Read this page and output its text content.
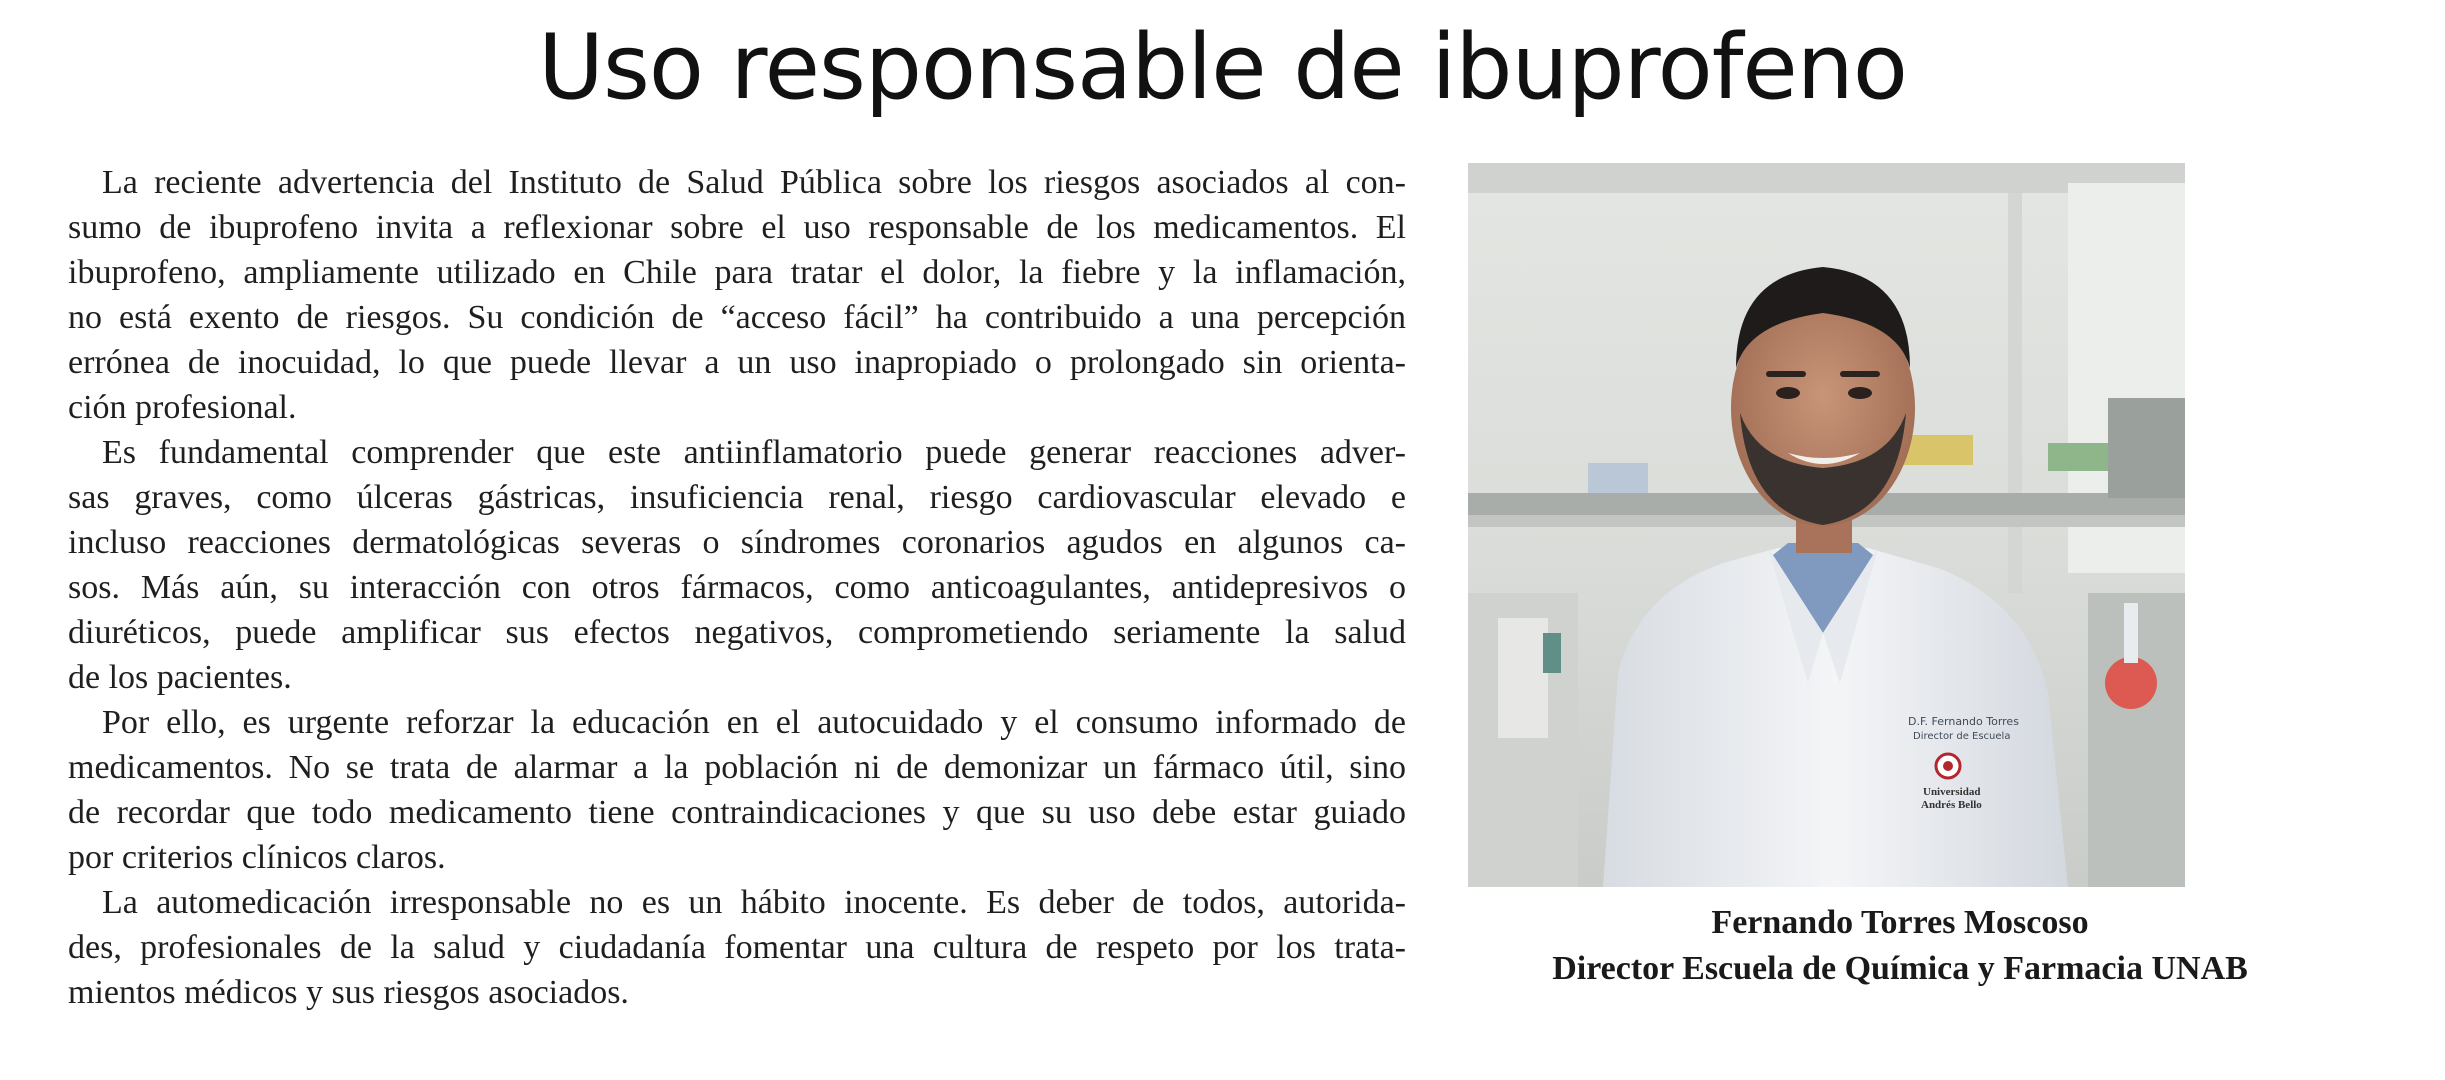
Uso responsable de ibuprofeno
La reciente advertencia del Instituto de Salud Pública sobre los riesgos asociados al con-
sumo de ibuprofeno invita a reflexionar sobre el uso responsable de los medicamentos. El
ibuprofeno, ampliamente utilizado en Chile para tratar el dolor, la fiebre y la inflamación,
no está exento de riesgos. Su condición de “acceso fácil” ha contribuido a una percepción
errónea de inocuidad, lo que puede llevar a un uso inapropiado o prolongado sin orienta-
ción profesional.
Es fundamental comprender que este antiinflamatorio puede generar reacciones adver-
sas graves, como úlceras gástricas, insuficiencia renal, riesgo cardiovascular elevado e
incluso reacciones dermatológicas severas o síndromes coronarios agudos en algunos ca-
sos. Más aún, su interacción con otros fármacos, como anticoagulantes, antidepresivos o
diuréticos, puede amplificar sus efectos negativos, comprometiendo seriamente la salud
de los pacientes.
Por ello, es urgente reforzar la educación en el autocuidado y el consumo informado de
medicamentos. No se trata de alarmar a la población ni de demonizar un fármaco útil, sino
de recordar que todo medicamento tiene contraindicaciones y que su uso debe estar guiado
por criterios clínicos claros.
La automedicación irresponsable no es un hábito inocente. Es deber de todos, autorida-
des, profesionales de la salud y ciudadanía fomentar una cultura de respeto por los trata-
mientos médicos y sus riesgos asociados.
D.F. Fernando Torres
Director de Escuela
Universidad
Andrés Bello
Fernando Torres Moscoso
Director Escuela de Química y Farmacia UNAB
